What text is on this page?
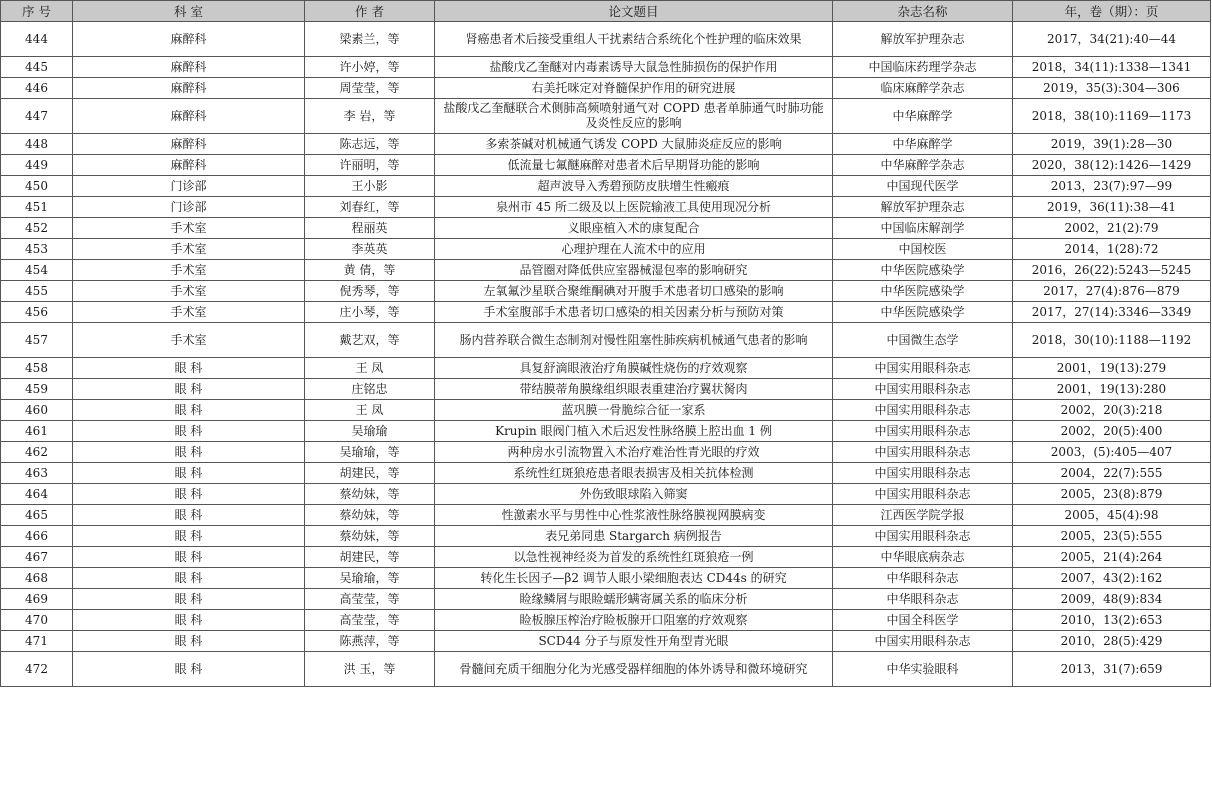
序 号	科 室	作 者	论文题目	杂志名称	年，卷（期）：页
444	麻醉科	梁素兰，等	肾癌患者术后接受重组人干扰素结合系统化个性护理的临床效果	解放军护理杂志	2017，34(21):40—44
445	麻醉科	许小婷，等	盐酸戊乙奎醚对内毒素诱导大鼠急性肺损伤的保护作用	中国临床药理学杂志	2018，34(11):1338—1341
446	麻醉科	周莹莹，等	右美托咪定对脊髓保护作用的研究进展	临床麻醉学杂志	2019，35(3):304—306
447	麻醉科	李 岩，等	盐酸戊乙奎醚联合术侧肺高频喷射通气对 COPD 患者单肺通气时肺功能及炎性反应的影响	中华麻醉学	2018，38(10):1169—1173
448	麻醉科	陈志远，等	多索茶碱对机械通气诱发 COPD 大鼠肺炎症反应的影响	中华麻醉学	2019，39(1):28—30
449	麻醉科	许丽明，等	低流量七氟醚麻醉对患者术后早期肾功能的影响	中华麻醉学杂志	2020，38(12):1426—1429
450	门诊部	王小影	超声波导入秀碧预防皮肤增生性瘢痕	中国现代医学	2013，23(7):97—99
451	门诊部	刘春红，等	泉州市 45 所二级及以上医院输液工具使用现况分析	解放军护理杂志	2019，36(11):38—41
452	手术室	程丽英	义眼座植入术的康复配合	中国临床解剖学	2002，21(2):79
453	手术室	李英英	心理护理在人流术中的应用	中国校医	2014，1(28):72
454	手术室	黄 倩，等	品管圈对降低供应室器械湿包率的影响研究	中华医院感染学	2016，26(22):5243—5245
455	手术室	倪秀琴，等	左氧氟沙星联合聚维酮碘对开腹手术患者切口感染的影响	中华医院感染学	2017，27(4):876—879
456	手术室	庄小琴，等	手术室腹部手术患者切口感染的相关因素分析与预防对策	中华医院感染学	2017，27(14):3346—3349
457	手术室	戴艺双，等	肠内营养联合微生态制剂对慢性阻塞性肺疾病机械通气患者的影响	中国微生态学	2018，30(10):1188—1192
458	眼 科	王 凤	具复舒滴眼液治疗角膜碱性烧伤的疗效观察	中国实用眼科杂志	2001，19(13):279
459	眼 科	庄铭忠	带结膜蒂角膜缘组织眼表重建治疗翼状胬肉	中国实用眼科杂志	2001，19(13):280
460	眼 科	王 凤	蓝巩膜一骨脆综合征一家系	中国实用眼科杂志	2002，20(3):218
461	眼 科	吴瑜瑜	Krupin 眼阀门植入术后迟发性脉络膜上腔出血 1 例	中国实用眼科杂志	2002，20(5):400
462	眼 科	吴瑜瑜，等	两种房水引流物置入术治疗难治性青光眼的疗效	中国实用眼科杂志	2003，(5):405—407
463	眼 科	胡建民，等	系统性红斑狼疮患者眼表损害及相关抗体检测	中国实用眼科杂志	2004，22(7):555
464	眼 科	蔡幼妹，等	外伤致眼球陷入筛窦	中国实用眼科杂志	2005，23(8):879
465	眼 科	蔡幼妹，等	性激素水平与男性中心性浆液性脉络膜视网膜病变	江西医学院学报	2005，45(4):98
466	眼 科	蔡幼妹，等	表兄弟同患 Stargarch 病例报告	中国实用眼科杂志	2005，23(5):555
467	眼 科	胡建民，等	以急性视神经炎为首发的系统性红斑狼疮一例	中华眼底病杂志	2005，21(4):264
468	眼 科	吴瑜瑜，等	转化生长因子—β2 调节人眼小梁细胞表达 CD44s 的研究	中华眼科杂志	2007，43(2):162
469	眼 科	高莹莹，等	睑缘鳞屑与眼睑蠕形螨寄属关系的临床分析	中华眼科杂志	2009，48(9):834
470	眼 科	高莹莹，等	睑板腺压榨治疗睑板腺开口阻塞的疗效观察	中国全科医学	2010，13(2):653
471	眼 科	陈燕萍，等	SCD44 分子与原发性开角型青光眼	中国实用眼科杂志	2010，28(5):429
472	眼 科	洪 玉，等	骨髓间充质干细胞分化为光感受器样细胞的体外诱导和微环境研究	中华实验眼科	2013，31(7):659
